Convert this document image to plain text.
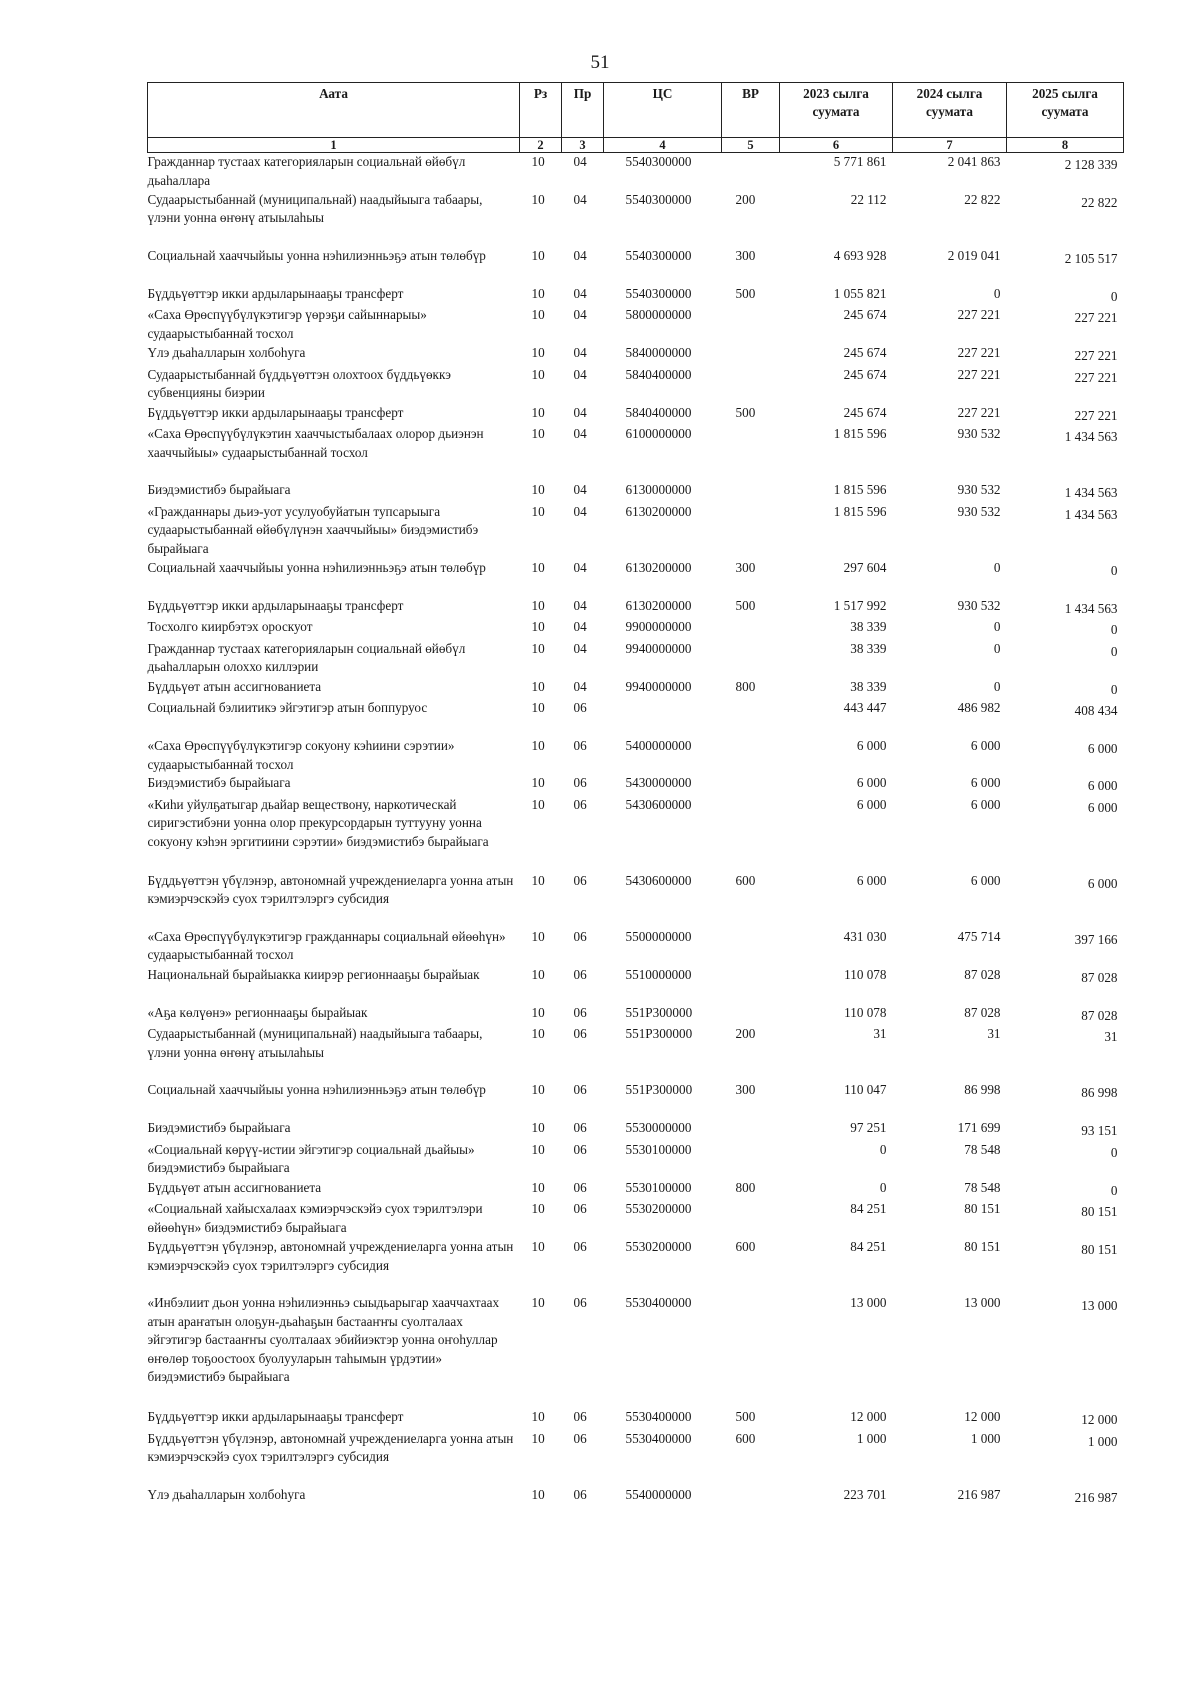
51
Аата	Рз	Пр	ЦС	ВР	2023 сылга суумата	2024 сылга суумата	2025 сылга суумата
1	2	3	4	5	6	7	8
Гражданнар тустаах категорияларын социальнай өйөбүл дьаһаллара	10	04	5540300000		5 771 861	2 041 863	2 128 339
Судаарыстыбаннай (муниципальнай) наадыйыыга табаары, үлэни уонна өҥөнү атыылаһыы	10	04	5540300000	200	22 112	22 822	22 822
Социальнай хааччыйыы уонна нэһилиэнньэҕэ атын төлөбүр	10	04	5540300000	300	4 693 928	2 019 041	2 105 517
Бүддьүөттэр икки ардыларынааҕы трансферт	10	04	5540300000	500	1 055 821	0	0
«Саха Өрөспүүбүлүкэтигэр үөрэҕи сайыннарыы» судаарыстыбаннай тосхол	10	04	5800000000		245 674	227 221	227 221
Үлэ дьаһалларын холбоһуга	10	04	5840000000		245 674	227 221	227 221
Судаарыстыбаннай бүддьүөттэн олохтоох бүддьүөккэ субвенцияны биэрии	10	04	5840400000		245 674	227 221	227 221
Бүддьүөттэр икки ардыларынааҕы трансферт	10	04	5840400000	500	245 674	227 221	227 221
«Саха Өрөспүүбүлүкэтин хааччыстыбалаах олорор дьиэнэн хааччыйыы» судаарыстыбаннай тосхол	10	04	6100000000		1 815 596	930 532	1 434 563
Биэдэмистибэ бырайыага	10	04	6130000000		1 815 596	930 532	1 434 563
«Гражданнары дьиэ-уот усулуобуйатын тупсарыыга судаарыстыбаннай өйөбүлүнэн хааччыйыы» биэдэмистибэ бырайыага	10	04	6130200000		1 815 596	930 532	1 434 563
Социальнай хааччыйыы уонна нэһилиэнньэҕэ атын төлөбүр	10	04	6130200000	300	297 604	0	0
Бүддьүөттэр икки ардыларынааҕы трансферт	10	04	6130200000	500	1 517 992	930 532	1 434 563
Тосхолго киирбэтэх ороскуот	10	04	9900000000		38 339	0	0
Гражданнар тустаах категорияларын социальнай өйөбүл дьаһалларын олоххо киллэрии	10	04	9940000000		38 339	0	0
Бүддьүөт атын ассигнованиета	10	04	9940000000	800	38 339	0	0
Социальнай бэлиитикэ эйгэтигэр атын боппуруос	10	06			443 447	486 982	408 434
«Саха Өрөспүүбүлүкэтигэр сокуону кэһиини сэрэтии» судаарыстыбаннай тосхол	10	06	5400000000		6 000	6 000	6 000
Биэдэмистибэ бырайыага	10	06	5430000000		6 000	6 000	6 000
«Киһи уйулҕатыгар дьайар веществону, наркотическай сиригэстибэни уонна олор прекурсордарын туттууну уонна сокуону кэһэн эргитиини сэрэтии» биэдэмистибэ бырайыага	10	06	5430600000		6 000	6 000	6 000
Бүддьүөттэн үбүлэнэр, автономнай учреждениеларга уонна атын кэмиэрчэскэйэ суох тэрилтэлэргэ субсидия	10	06	5430600000	600	6 000	6 000	6 000
«Саха Өрөспүүбүлүкэтигэр гражданнары социальнай өйөөһүн» судаарыстыбаннай тосхол	10	06	5500000000		431 030	475 714	397 166
Национальнай бырайыакка киирэр регионнааҕы бырайыак	10	06	5510000000		110 078	87 028	87 028
«Аҕа көлүөнэ» регионнааҕы бырайыак	10	06	551P300000		110 078	87 028	87 028
Судаарыстыбаннай (муниципальнай) наадыйыыга табаары, үлэни уонна өҥөнү атыылаһыы	10	06	551P300000	200	31	31	31
Социальнай хааччыйыы уонна нэһилиэнньэҕэ атын төлөбүр	10	06	551P300000	300	110 047	86 998	86 998
Биэдэмистибэ бырайыага	10	06	5530000000		97 251	171 699	93 151
«Социальнай көрүү-истии эйгэтигэр социальнай дьайыы» биэдэмистибэ бырайыага	10	06	5530100000		0	78 548	0
Бүддьүөт атын ассигнованиета	10	06	5530100000	800	0	78 548	0
«Социальнай хайысхалаах кэмиэрчэскэйэ суох тэрилтэлэри өйөөһүн» биэдэмистибэ бырайыага	10	06	5530200000		84 251	80 151	80 151
Бүддьүөттэн үбүлэнэр, автономнай учреждениеларга уонна атын кэмиэрчэскэйэ суох тэрилтэлэргэ субсидия	10	06	5530200000	600	84 251	80 151	80 151
«Инбэлиит дьон уонна нэһилиэнньэ сыыдьарыгар хааччахтаах атын араҥатын олоҕун-дьаһаҕын бастааҥҥы суолталаах эйгэтигэр бастааҥҥы суолталаах эбийиэктэр уонна оҥоһуллар өҥөлөр тоҕоостоох буолууларын таһымын үрдэтии» биэдэмистибэ бырайыага	10	06	5530400000		13 000	13 000	13 000
Бүддьүөттэр икки ардыларынааҕы трансферт	10	06	5530400000	500	12 000	12 000	12 000
Бүддьүөттэн үбүлэнэр, автономнай учреждениеларга уонна атын кэмиэрчэскэйэ суох тэрилтэлэргэ субсидия	10	06	5530400000	600	1 000	1 000	1 000
Үлэ дьаһалларын холбоһуга	10	06	5540000000		223 701	216 987	216 987
